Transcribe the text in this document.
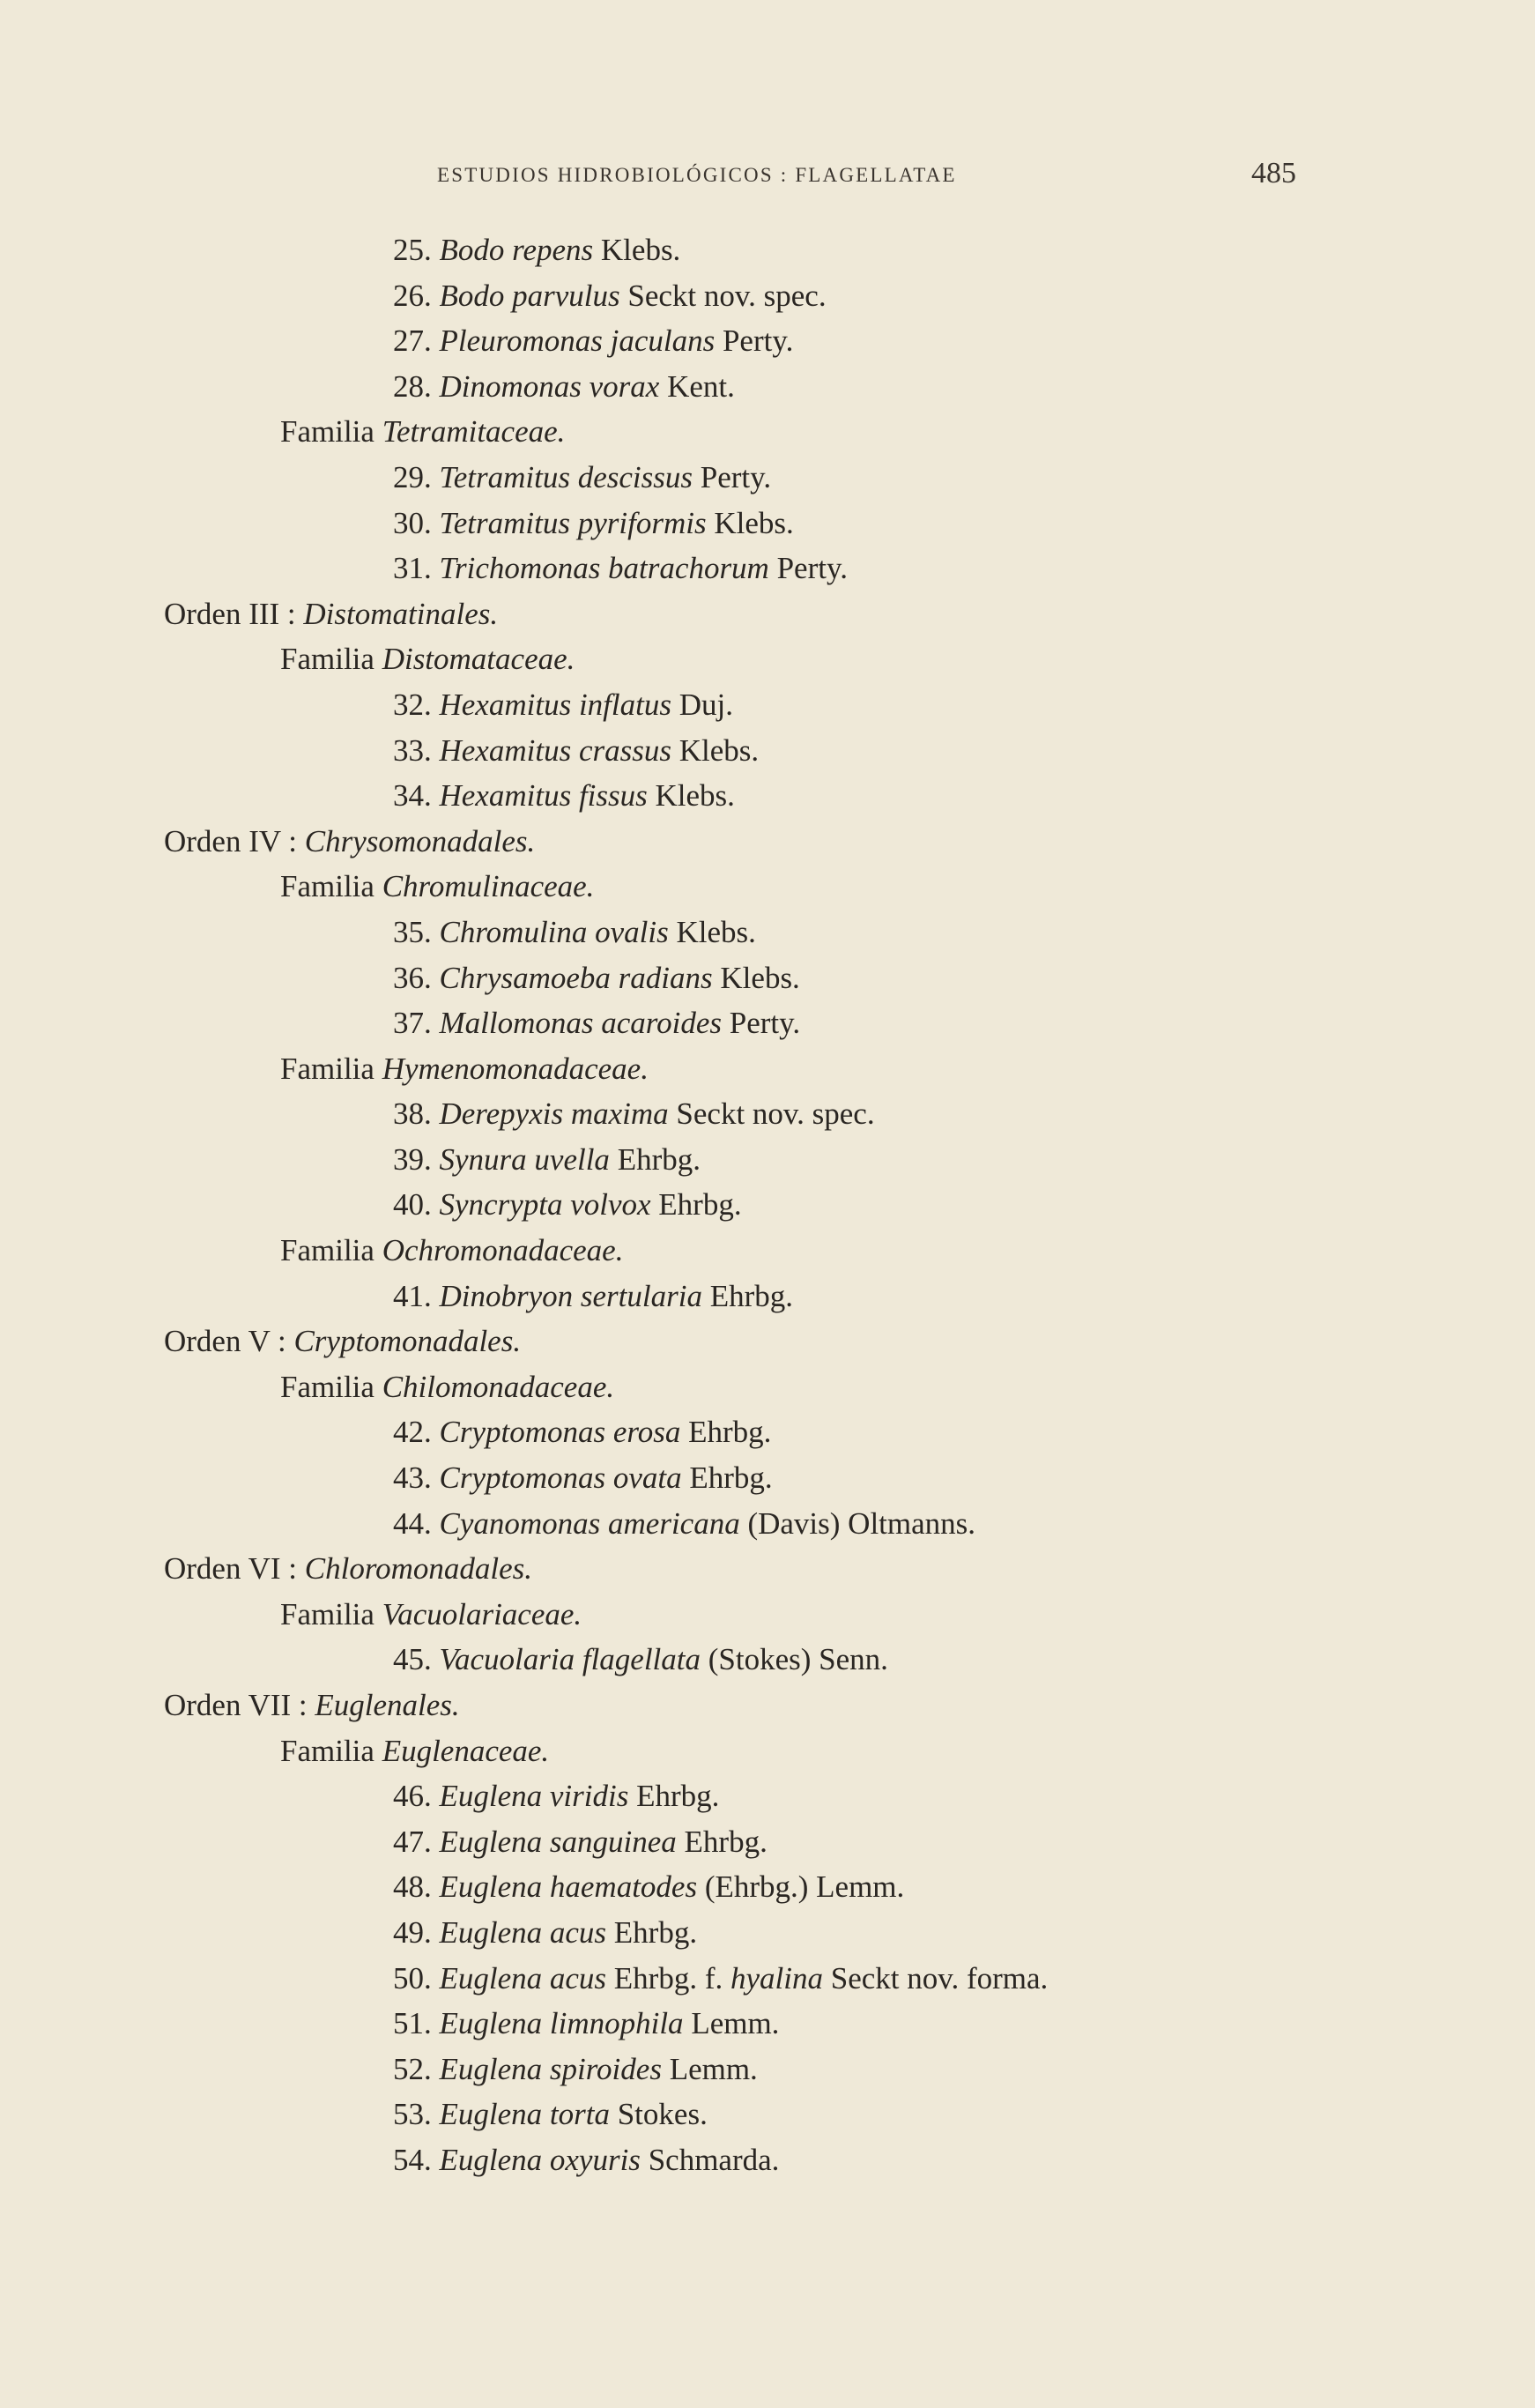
ESTUDIOS HIDROBIOLÓGICOS : FLAGELLATAE	485
25. Bodo repens Klebs.
26. Bodo parvulus Seckt nov. spec.
27. Pleuromonas jaculans Perty.
28. Dinomonas vorax Kent.
Familia Tetramitaceae.
29. Tetramitus descissus Perty.
30. Tetramitus pyriformis Klebs.
31. Trichomonas batrachorum Perty.
Orden III : Distomatinales.
Familia Distomataceae.
32. Hexamitus inflatus Duj.
33. Hexamitus crassus Klebs.
34. Hexamitus fissus Klebs.
Orden IV : Chrysomonadales.
Familia Chromulinaceae.
35. Chromulina ovalis Klebs.
36. Chrysamoeba radians Klebs.
37. Mallomonas acaroides Perty.
Familia Hymenomonadaceae.
38. Derepyxis maxima Seckt nov. spec.
39. Synura uvella Ehrbg.
40. Syncrypta volvox Ehrbg.
Familia Ochromonadaceae.
41. Dinobryon sertularia Ehrbg.
Orden V : Cryptomonadales.
Familia Chilomonadaceae.
42. Cryptomonas erosa Ehrbg.
43. Cryptomonas ovata Ehrbg.
44. Cyanomonas americana (Davis) Oltmanns.
Orden VI : Chloromonadales.
Familia Vacuolariaceae.
45. Vacuolaria flagellata (Stokes) Senn.
Orden VII : Euglenales.
Familia Euglenaceae.
46. Euglena viridis Ehrbg.
47. Euglena sanguinea Ehrbg.
48. Euglena haematodes (Ehrbg.) Lemm.
49. Euglena acus Ehrbg.
50. Euglena acus Ehrbg. f. hyalina Seckt nov. forma.
51. Euglena limnophila Lemm.
52. Euglena spiroides Lemm.
53. Euglena torta Stokes.
54. Euglena oxyuris Schmarda.
